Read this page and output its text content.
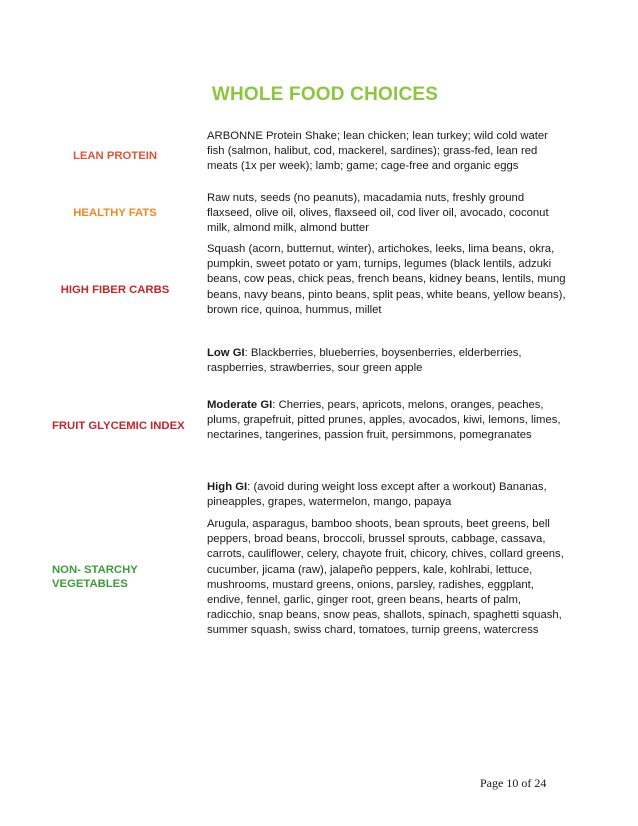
WHOLE FOOD CHOICES
LEAN PROTEIN
ARBONNE Protein Shake; lean chicken; lean turkey; wild cold water fish (salmon, halibut, cod, mackerel, sardines); grass-fed, lean red meats (1x per week); lamb; game; cage-free and organic eggs
HEALTHY FATS
Raw nuts, seeds (no peanuts), macadamia nuts, freshly ground flaxseed, olive oil, olives, flaxseed oil, cod liver oil, avocado, coconut milk, almond milk, almond butter
HIGH FIBER CARBS
Squash (acorn, butternut, winter), artichokes, leeks, lima beans, okra, pumpkin, sweet potato or yam, turnips, legumes (black lentils, adzuki beans, cow peas, chick peas, french beans, kidney beans, lentils, mung beans, navy beans, pinto beans, split peas, white beans, yellow beans), brown rice, quinoa, hummus, millet
FRUIT GLYCEMIC INDEX
Low GI: Blackberries, blueberries, boysenberries, elderberries, raspberries, strawberries, sour green apple
Moderate GI: Cherries, pears, apricots, melons, oranges, peaches, plums, grapefruit, pitted prunes, apples, avocados, kiwi, lemons, limes, nectarines, tangerines, passion fruit, persimmons, pomegranates
High GI: (avoid during weight loss except after a workout) Bananas, pineapples, grapes, watermelon, mango, papaya
NON- STARCHY
VEGETABLES
Arugula, asparagus, bamboo shoots, bean sprouts, beet greens, bell peppers, broad beans, broccoli, brussel sprouts, cabbage, cassava, carrots, cauliflower, celery, chayote fruit, chicory, chives, collard greens, cucumber, jicama (raw), jalapeño peppers, kale, kohlrabi, lettuce, mushrooms, mustard greens, onions, parsley, radishes, eggplant, endive, fennel, garlic, ginger root, green beans, hearts of palm, radicchio, snap beans, snow peas, shallots, spinach, spaghetti squash, summer squash, swiss chard, tomatoes, turnip greens, watercress
Page 10 of 24
